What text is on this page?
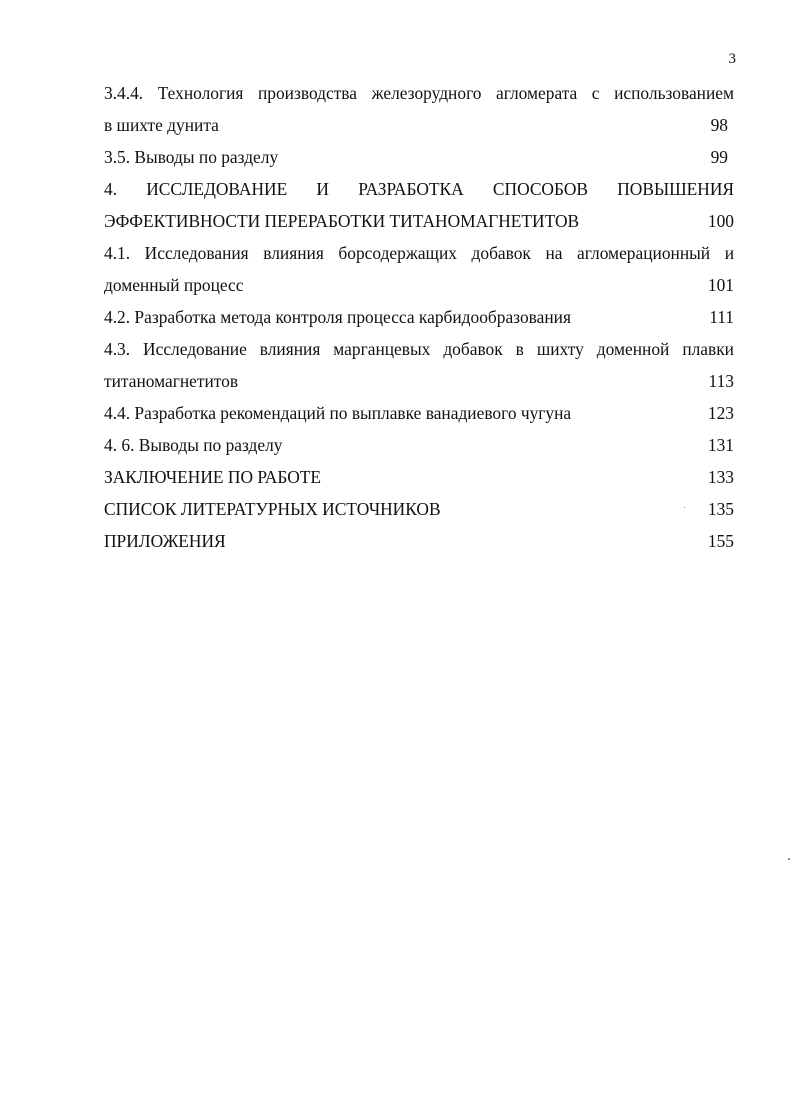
3
3.4.4. Технология производства железорудного агломерата с использованием
в шихте дунита	98
3.5. Выводы по разделу	99
4. ИССЛЕДОВАНИЕ И РАЗРАБОТКА СПОСОБОВ ПОВЫШЕНИЯ
ЭФФЕКТИВНОСТИ ПЕРЕРАБОТКИ ТИТАНОМАГНЕТИТОВ	100
4.1. Исследования влияния борсодержащих добавок на агломерационный и
доменный процесс	101
4.2. Разработка метода контроля процесса карбидообразования	111
4.3. Исследование влияния марганцевых добавок в шихту доменной плавки
титаномагнетитов	113
4.4. Разработка рекомендаций по выплавке ванадиевого чугуна	123
4. 6. Выводы по разделу	131
ЗАКЛЮЧЕНИЕ ПО РАБОТЕ	133
СПИСОК ЛИТЕРАТУРНЫХ ИСТОЧНИКОВ	135
ПРИЛОЖЕНИЯ	155
